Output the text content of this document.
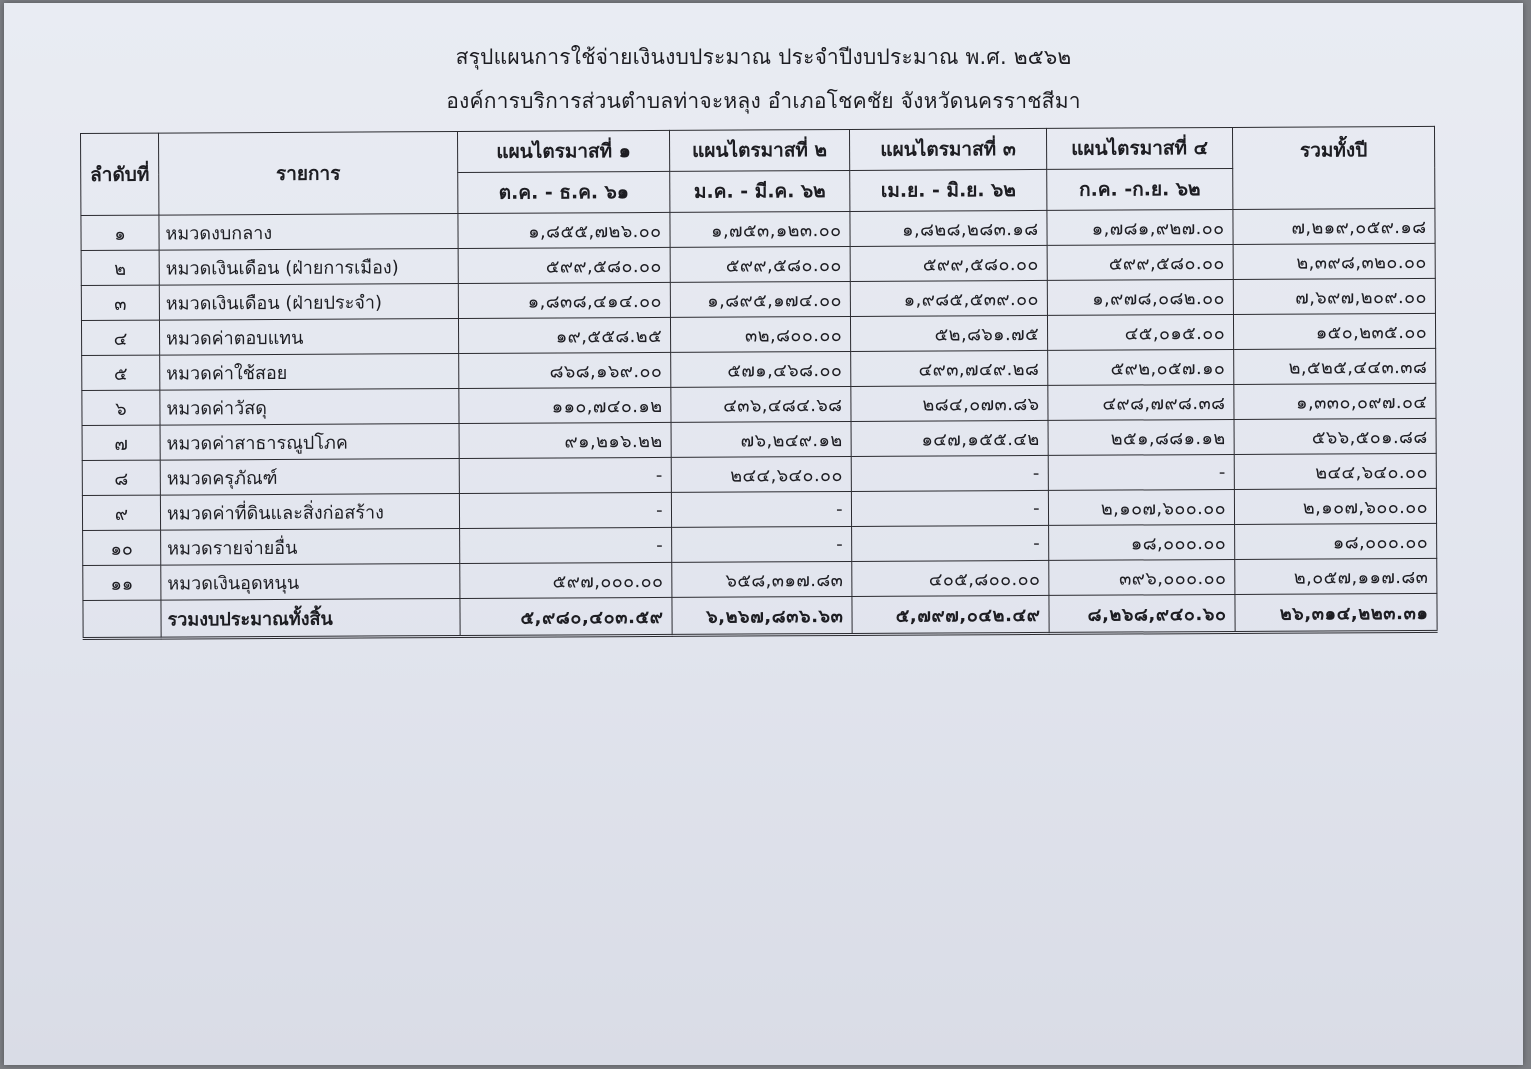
สรุปแผนการใช้จ่ายเงินงบประมาณ ประจำปีงบประมาณ พ.ศ. ๒๕๖๒
องค์การบริการส่วนตำบลท่าจะหลุง อำเภอโชคชัย จังหวัดนครราชสีมา
ลำดับที่	รายการ	แผนไตรมาสที่ ๑	แผนไตรมาสที่ ๒	แผนไตรมาสที่ ๓	แผนไตรมาสที่ ๔	รวมทั้งปี
		ต.ค. - ธ.ค. ๖๑	ม.ค. - มี.ค. ๖๒	เม.ย. - มิ.ย. ๖๒	ก.ค. -ก.ย. ๖๒	
๑	หมวดงบกลาง	๑,๘๕๕,๗๒๖.๐๐	๑,๗๕๓,๑๒๓.๐๐	๑,๘๒๘,๒๘๓.๑๘	๑,๗๘๑,๙๒๗.๐๐	๗,๒๑๙,๐๕๙.๑๘
๒	หมวดเงินเดือน (ฝ่ายการเมือง)	๕๙๙,๕๘๐.๐๐	๕๙๙,๕๘๐.๐๐	๕๙๙,๕๘๐.๐๐	๕๙๙,๕๘๐.๐๐	๒,๓๙๘,๓๒๐.๐๐
๓	หมวดเงินเดือน (ฝ่ายประจำ)	๑,๘๓๘,๔๑๔.๐๐	๑,๘๙๕,๑๗๔.๐๐	๑,๙๘๕,๕๓๙.๐๐	๑,๙๗๘,๐๘๒.๐๐	๗,๖๙๗,๒๐๙.๐๐
๔	หมวดค่าตอบแทน	๑๙,๕๕๘.๒๕	๓๒,๘๐๐.๐๐	๕๒,๘๖๑.๗๕	๔๕,๐๑๕.๐๐	๑๕๐,๒๓๕.๐๐
๕	หมวดค่าใช้สอย	๘๖๘,๑๖๙.๐๐	๕๗๑,๔๖๘.๐๐	๔๙๓,๗๔๙.๒๘	๕๙๒,๐๕๗.๑๐	๒,๕๒๕,๔๔๓.๓๘
๖	หมวดค่าวัสดุ	๑๑๐,๗๔๐.๑๒	๔๓๖,๔๘๔.๖๘	๒๘๔,๐๗๓.๘๖	๔๙๘,๗๙๘.๓๘	๑,๓๓๐,๐๙๗.๐๔
๗	หมวดค่าสาธารณูปโภค	๙๑,๒๑๖.๒๒	๗๖,๒๔๙.๑๒	๑๔๗,๑๕๕.๔๒	๒๕๑,๘๘๑.๑๒	๕๖๖,๕๐๑.๘๘
๘	หมวดครุภัณฑ์	-	๒๔๔,๖๔๐.๐๐	-	-	๒๔๔,๖๔๐.๐๐
๙	หมวดค่าที่ดินและสิ่งก่อสร้าง	-	-	-	๒,๑๐๗,๖๐๐.๐๐	๒,๑๐๗,๖๐๐.๐๐
๑๐	หมวดรายจ่ายอื่น	-	-	-	๑๘,๐๐๐.๐๐	๑๘,๐๐๐.๐๐
๑๑	หมวดเงินอุดหนุน	๕๙๗,๐๐๐.๐๐	๖๕๘,๓๑๗.๘๓	๔๐๕,๘๐๐.๐๐	๓๙๖,๐๐๐.๐๐	๒,๐๕๗,๑๑๗.๘๓
	รวมงบประมาณทั้งสิ้น	๕,๙๘๐,๔๐๓.๕๙	๖,๒๖๗,๘๓๖.๖๓	๕,๗๙๗,๐๔๒.๔๙	๘,๒๖๘,๙๔๐.๖๐	๒๖,๓๑๔,๒๒๓.๓๑
